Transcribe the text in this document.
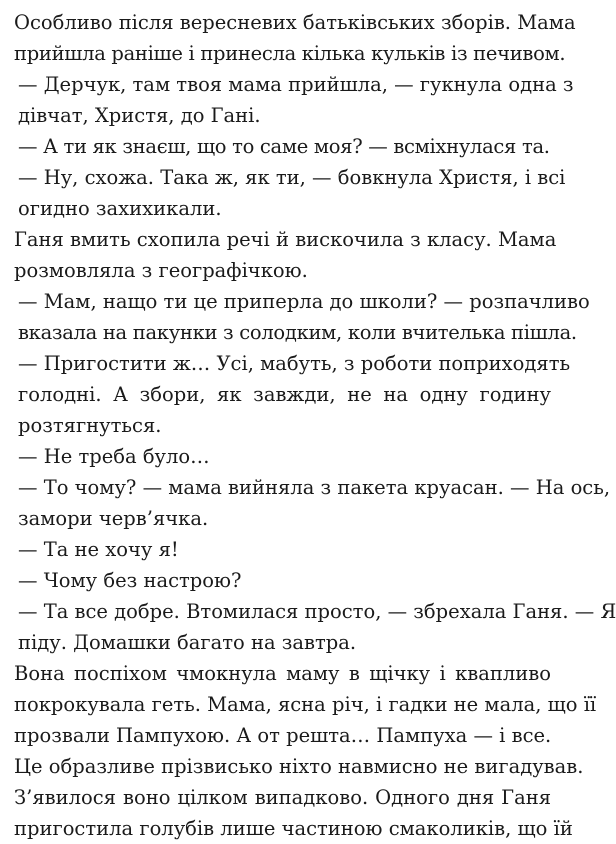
Особливо після вересневих батьківських зборів. Мама
прийшла раніше і принесла кілька кульків із печивом.

— Дерчук, там твоя мама прийшла, — гукнула одна з
дівчат, Христя, до Гані.

— А ти як знаєш, що то саме моя? — всміхнулася та.

— Ну, схожа. Така ж, як ти, — бовкнула Христя, і всі
огидно захихикали.

Ганя вмить схопила речі й вискочила з класу. Мама
розмовляла з географічкою.

— Мам, нащо ти це приперла до школи? — розпачливо
вказала на пакунки з солодким, коли вчителька пішла.

— Пригостити ж… Усі, мабуть, з роботи поприходять
голодні. А збори, як завжди, не на одну годину
розтягнуться.

— Не треба було…

— То чому? — мама вийняла з пакета круасан. — На ось,
замори черв’ячка.

— Та не хочу я!

— Чому без настрою?

— Та все добре. Втомилася просто, — збрехала Ганя. — Я
піду. Домашки багато на завтра.

Вона поспіхом чмокнула маму в щічку і квапливо
покрокувала геть. Мама, ясна річ, і гадки не мала, що її
прозвали Пампухою. А от решта… Пампуха — і все.

Це образливе прізвисько ніхто навмисно не вигадував.
З’явилося воно цілком випадково. Одного дня Ганя
пригостила голубів лише частиною смаколиків, що їй
